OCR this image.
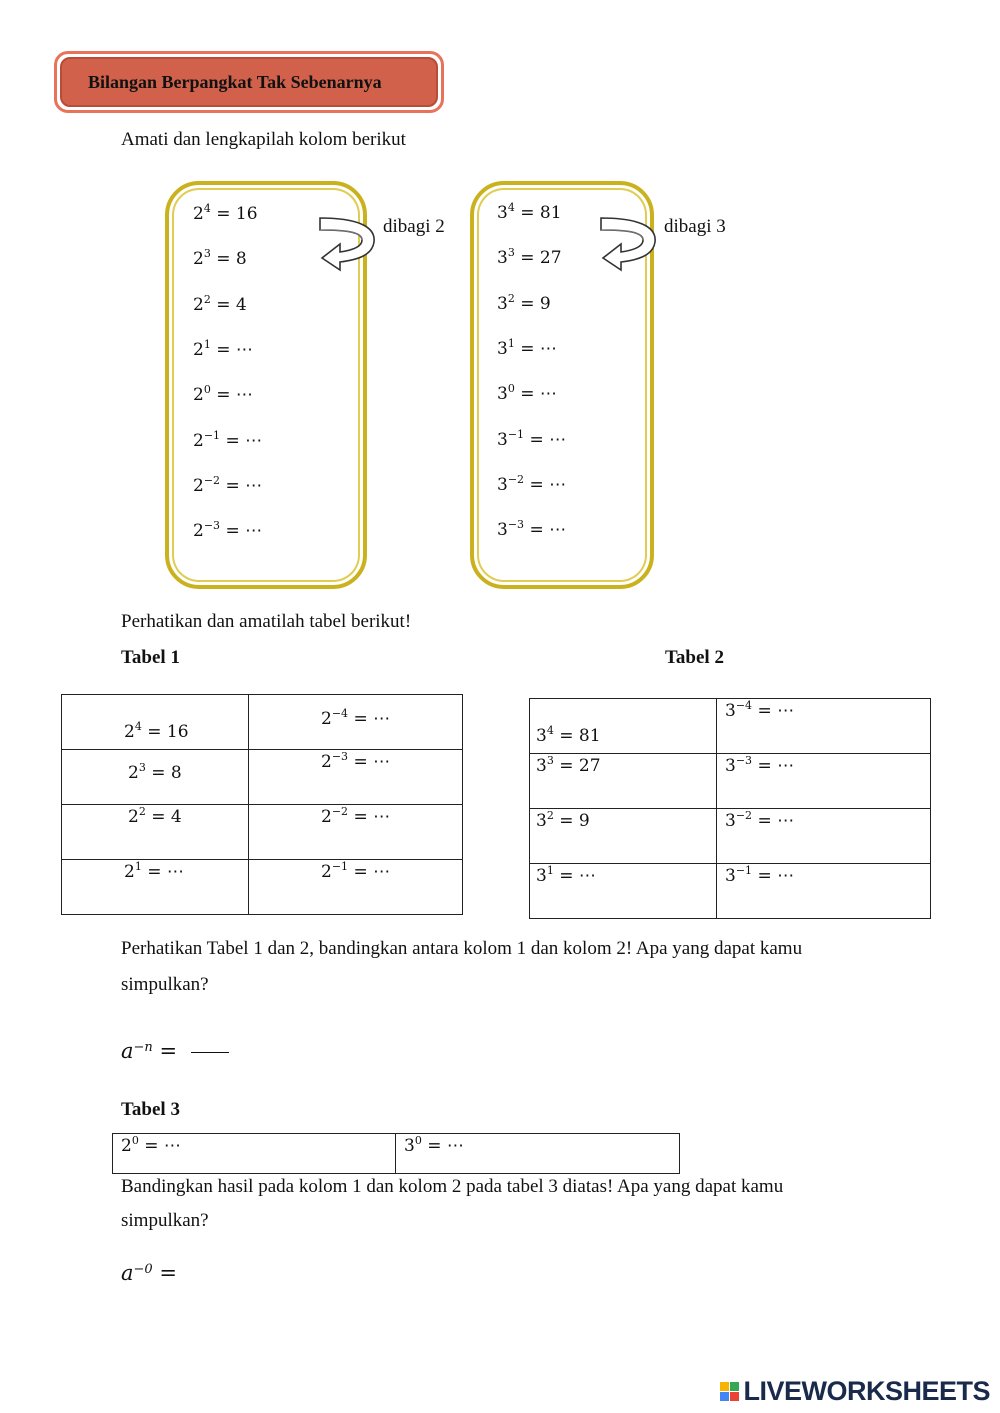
Bilangan Berpangkat Tak Sebenarnya
Amati dan lengkapilah kolom berikut
$2^4 = 16$
$2^3 = 8$
$2^2 = 4$
$2^1$ = ⋯
$2^0$ = ⋯
$2^{-1}$ = ⋯
$2^{-2}$ = ⋯
$2^{-3}$ = ⋯
dibagi 2
$3^4 = 81$
$3^3 = 27$
$3^2 = 9$
$3^1$ = ⋯
$3^0$ = ⋯
$3^{-1}$ = ⋯
$3^{-2}$ = ⋯
$3^{-3}$ = ⋯
dibagi 3
Perhatikan dan amatilah tabel berikut!
Tabel 1	Tabel 2
$2^4 = 16$	$2^{-4}$ = ⋯

$2^3 = 8$	$2^{-3}$ = ⋯

$2^2 = 4$	$2^{-2}$ = ⋯

$2^1$ = ⋯	$2^{-1}$ = ⋯
$3^4 = 81$	$3^{-4}$ = ⋯

$3^3 = 27$	$3^{-3}$ = ⋯

$3^2 = 9$	$3^{-2}$ = ⋯

$3^1$ = ⋯	$3^{-1}$ = ⋯
Perhatikan Tabel 1 dan 2, bandingkan antara kolom 1 dan kolom 2! Apa yang dapat kamu
simpulkan?
$a^{-n}$ =
Tabel 3
$2^0$ = ⋯	$3^0$ = ⋯
Bandingkan hasil pada kolom 1 dan kolom 2 pada tabel 3 diatas! Apa yang dapat kamu
simpulkan?
$a^{-0}$ =
LIVEWORKSHEETS
